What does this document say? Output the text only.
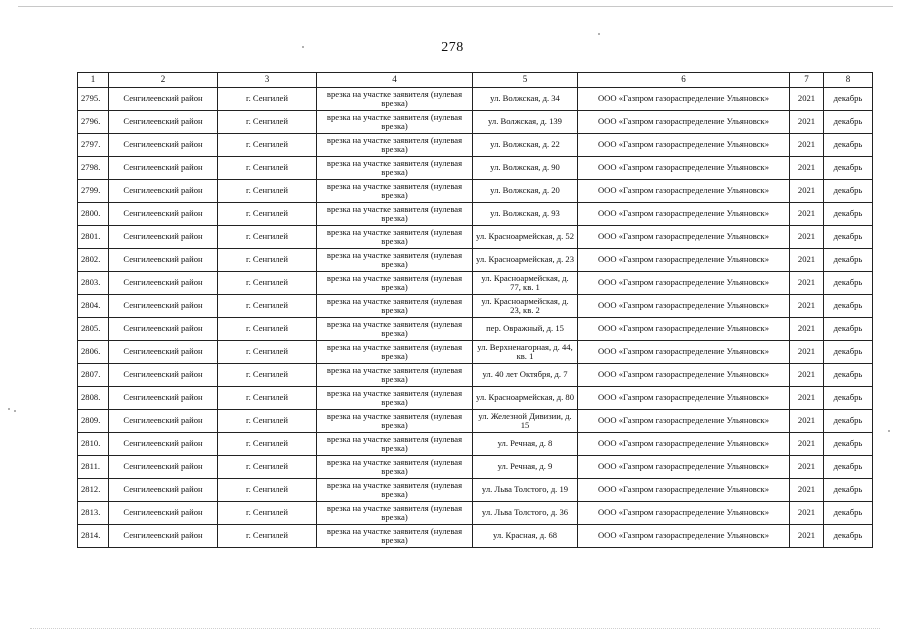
278
1	2	3	4	5	6	7	8
2795.	Сенгилеевский район	г. Сенгилей	врезка на участке заявителя (нулевая врезка)	ул. Волжская, д. 34	ООО «Газпром газораспределение Ульяновск»	2021	декабрь
2796.	Сенгилеевский район	г. Сенгилей	врезка на участке заявителя (нулевая врезка)	ул. Волжская, д. 139	ООО «Газпром газораспределение Ульяновск»	2021	декабрь
2797.	Сенгилеевский район	г. Сенгилей	врезка на участке заявителя (нулевая врезка)	ул. Волжская, д. 22	ООО «Газпром газораспределение Ульяновск»	2021	декабрь
2798.	Сенгилеевский район	г. Сенгилей	врезка на участке заявителя (нулевая врезка)	ул. Волжская, д. 90	ООО «Газпром газораспределение Ульяновск»	2021	декабрь
2799.	Сенгилеевский район	г. Сенгилей	врезка на участке заявителя (нулевая врезка)	ул. Волжская, д. 20	ООО «Газпром газораспределение Ульяновск»	2021	декабрь
2800.	Сенгилеевский район	г. Сенгилей	врезка на участке заявителя (нулевая врезка)	ул. Волжская, д. 93	ООО «Газпром газораспределение Ульяновск»	2021	декабрь
2801.	Сенгилеевский район	г. Сенгилей	врезка на участке заявителя (нулевая врезка)	ул. Красноармейская, д. 52	ООО «Газпром газораспределение Ульяновск»	2021	декабрь
2802.	Сенгилеевский район	г. Сенгилей	врезка на участке заявителя (нулевая врезка)	ул. Красноармейская, д. 23	ООО «Газпром газораспределение Ульяновск»	2021	декабрь
2803.	Сенгилеевский район	г. Сенгилей	врезка на участке заявителя (нулевая врезка)	ул. Красноармейская, д. 77, кв. 1	ООО «Газпром газораспределение Ульяновск»	2021	декабрь
2804.	Сенгилеевский район	г. Сенгилей	врезка на участке заявителя (нулевая врезка)	ул. Красноармейская, д. 23, кв. 2	ООО «Газпром газораспределение Ульяновск»	2021	декабрь
2805.	Сенгилеевский район	г. Сенгилей	врезка на участке заявителя (нулевая врезка)	пер. Овражный, д. 15	ООО «Газпром газораспределение Ульяновск»	2021	декабрь
2806.	Сенгилеевский район	г. Сенгилей	врезка на участке заявителя (нулевая врезка)	ул. Верхненагорная, д. 44, кв. 1	ООО «Газпром газораспределение Ульяновск»	2021	декабрь
2807.	Сенгилеевский район	г. Сенгилей	врезка на участке заявителя (нулевая врезка)	ул. 40 лет Октября, д. 7	ООО «Газпром газораспределение Ульяновск»	2021	декабрь
2808.	Сенгилеевский район	г. Сенгилей	врезка на участке заявителя (нулевая врезка)	ул. Красноармейская, д. 80	ООО «Газпром газораспределение Ульяновск»	2021	декабрь
2809.	Сенгилеевский район	г. Сенгилей	врезка на участке заявителя (нулевая врезка)	ул. Железной Дивизии, д. 15	ООО «Газпром газораспределение Ульяновск»	2021	декабрь
2810.	Сенгилеевский район	г. Сенгилей	врезка на участке заявителя (нулевая врезка)	ул. Речная, д. 8	ООО «Газпром газораспределение Ульяновск»	2021	декабрь
2811.	Сенгилеевский район	г. Сенгилей	врезка на участке заявителя (нулевая врезка)	ул. Речная, д. 9	ООО «Газпром газораспределение Ульяновск»	2021	декабрь
2812.	Сенгилеевский район	г. Сенгилей	врезка на участке заявителя (нулевая врезка)	ул. Льва Толстого, д. 19	ООО «Газпром газораспределение Ульяновск»	2021	декабрь
2813.	Сенгилеевский район	г. Сенгилей	врезка на участке заявителя (нулевая врезка)	ул. Льва Толстого, д. 36	ООО «Газпром газораспределение Ульяновск»	2021	декабрь
2814.	Сенгилеевский район	г. Сенгилей	врезка на участке заявителя (нулевая врезка)	ул. Красная, д. 68	ООО «Газпром газораспределение Ульяновск»	2021	декабрь
